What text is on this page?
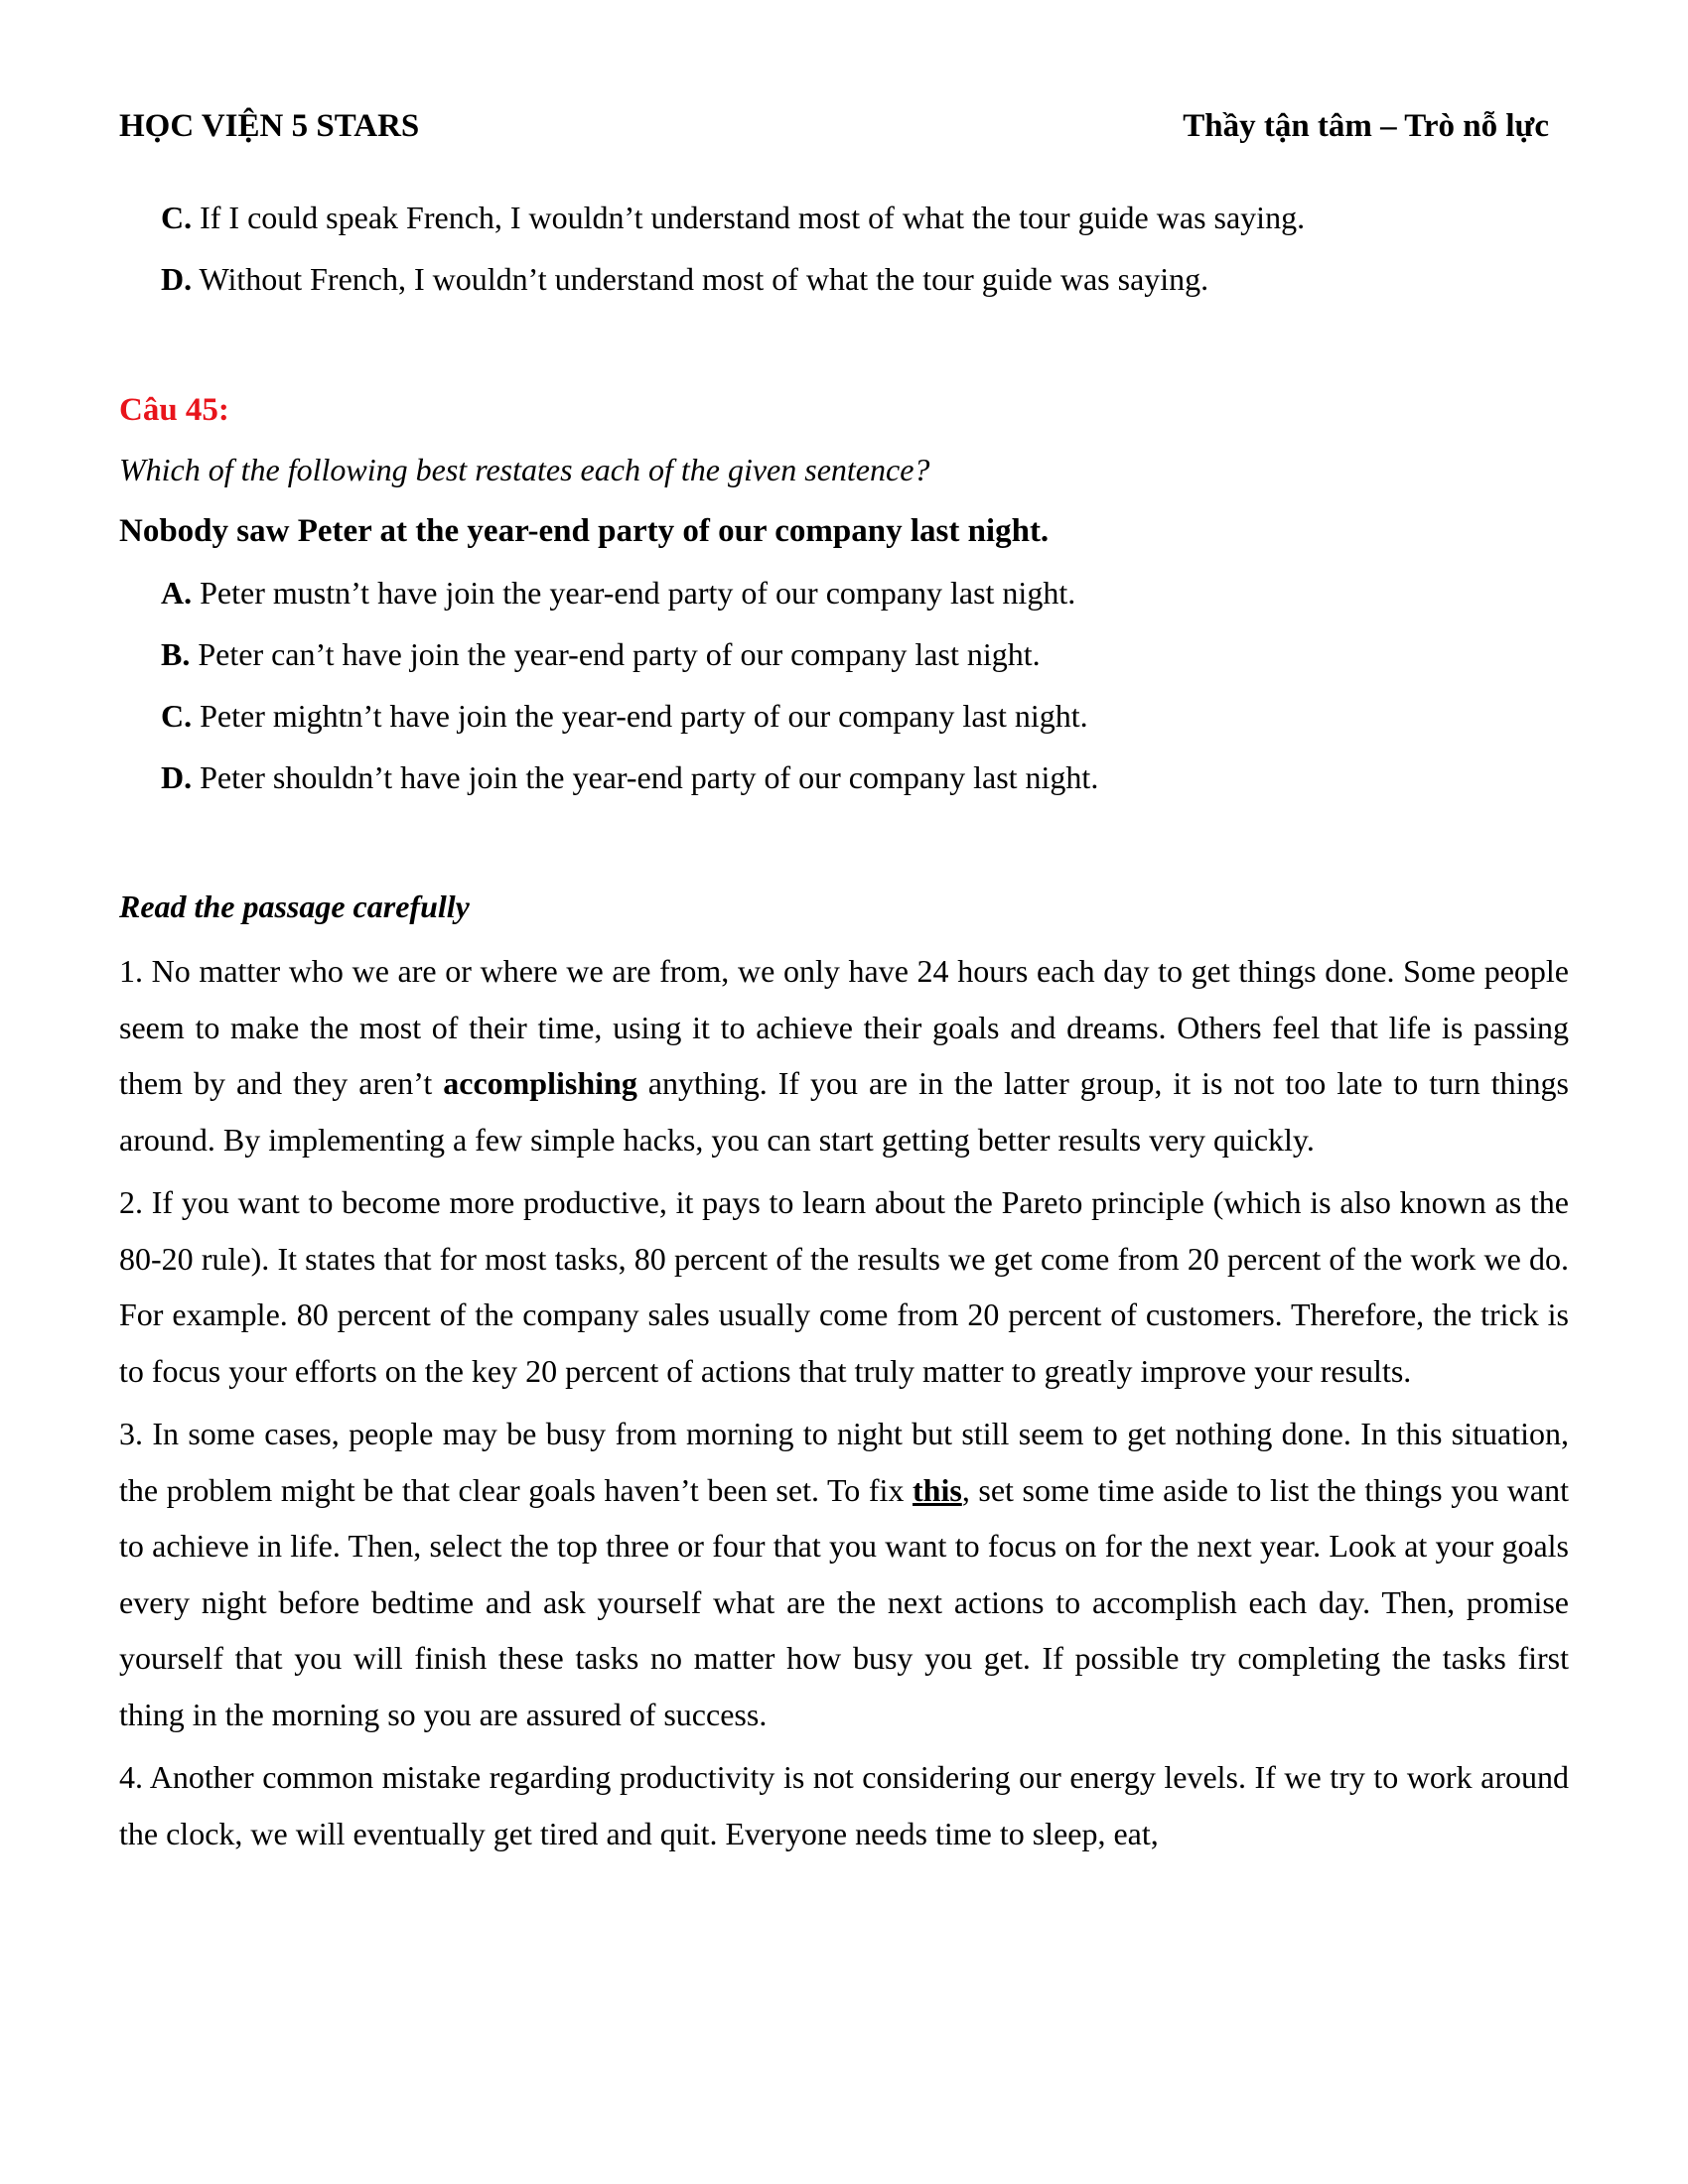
HỌC VIỆN 5 STARS	Thầy tận tâm – Trò nỗ lực
C. If I could speak French, I wouldn’t understand most of what the tour guide was saying.
D. Without French, I wouldn’t understand most of what the tour guide was saying.
Câu 45:
Which of the following best restates each of the given sentence?
Nobody saw Peter at the year-end party of our company last night.
A. Peter mustn’t have join the year-end party of our company last night.
B. Peter can’t have join the year-end party of our company last night.
C. Peter mightn’t have join the year-end party of our company last night.
D. Peter shouldn’t have join the year-end party of our company last night.
Read the passage carefully

1. No matter who we are or where we are from, we only have 24 hours each day to get things done. Some people seem to make the most of their time, using it to achieve their goals and dreams. Others feel that life is passing them by and they aren’t accomplishing anything. If you are in the latter group, it is not too late to turn things around. By implementing a few simple hacks, you can start getting better results very quickly.

2. If you want to become more productive, it pays to learn about the Pareto principle (which is also known as the 80-20 rule). It states that for most tasks, 80 percent of the results we get come from 20 percent of the work we do. For example. 80 percent of the company sales usually come from 20 percent of customers. Therefore, the trick is to focus your efforts on the key 20 percent of actions that truly matter to greatly improve your results.

3. In some cases, people may be busy from morning to night but still seem to get nothing done. In this situation, the problem might be that clear goals haven’t been set. To fix this, set some time aside to list the things you want to achieve in life. Then, select the top three or four that you want to focus on for the next year. Look at your goals every night before bedtime and ask yourself what are the next actions to accomplish each day. Then, promise yourself that you will finish these tasks no matter how busy you get. If possible try completing the tasks first thing in the morning so you are assured of success.

4. Another common mistake regarding productivity is not considering our energy levels. If we try to work around the clock, we will eventually get tired and quit. Everyone needs time to sleep, eat,
